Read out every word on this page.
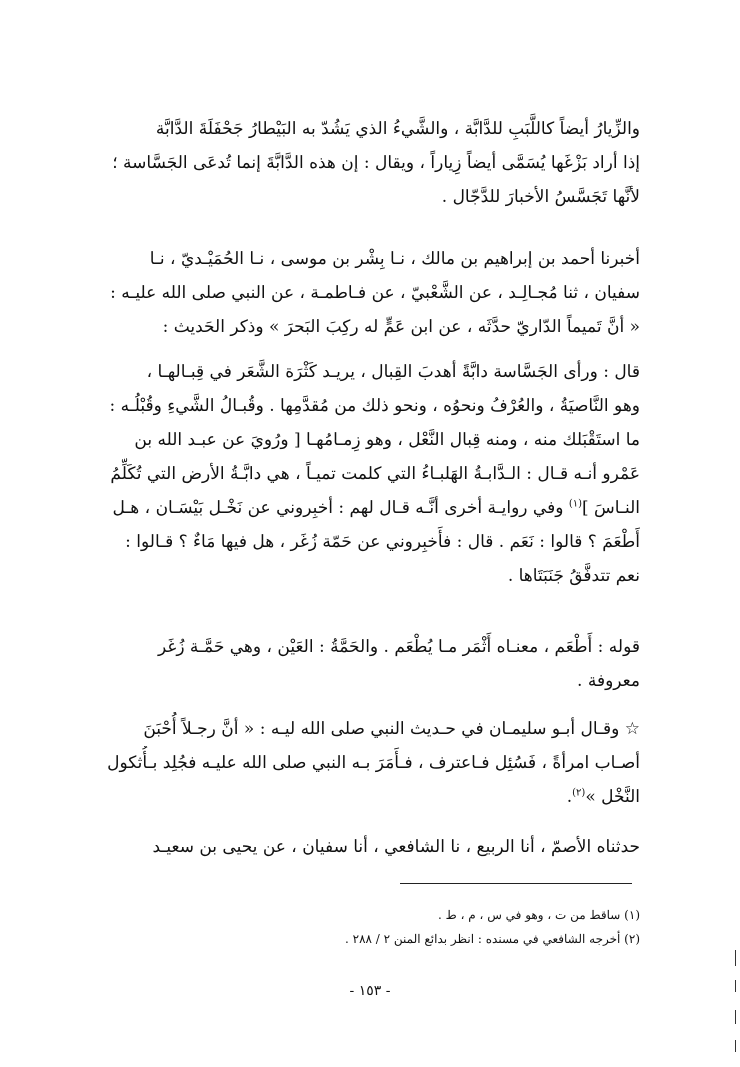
والزِّيارُ أيضاً كاللَّبَبِ للدَّابَّة ، والشَّيءُ الذي يَشُدّ به البَيْطارُ جَحْفَلَةَ الدَّابَّة
إذا أراد بَزْغَها يُسَمَّى أيضاً زِياراً ، ويقال : إن هذه الدَّابَّةَ إنما تُدعَى الجَسَّاسة ؛
لأنَّها تَجَسَّسُ الأخبارَ للدَّجّال .
أخبرنا أحمد بن إبراهيم بن مالك ، نـا بِشْر بن موسى ، نـا الحُمَيْـديّ ، نـا
سفيان ، ثنا مُجـالِـد ، عن الشَّعْبيّ ، عن فـاطمـة ، عن النبي صلى الله عليـه :
« أنَّ تَميماً الدّاريّ حدَّثَه ، عن ابن عَمٍّ له ركِبَ البَحرَ » وذكر الحَديث :
قال : ورأى الجَسَّاسة دابَّةً أهدبَ القِبال ، يريـد كَثْرَة الشَّعَر في قِبـالهـا ،
وهو النَّاصيَةُ ، والعُرْفُ ونحوُه ، ونحو ذلك من مُقدَّمِها . وقُبـالُ الشَّيءِ وقُبْلُـه :
ما استَقْبَلك منه ، ومنه قِبال النَّعْل ، وهو زِمـامُهـا [ ورُويَ عن عبـد الله بن
عَمْرو أنـه قـال : الـدَّابـةُ الهَلبـاءُ التي كلمت تميـاً ، هي دابَّـةُ الأرض التي تُكَلِّمُ
النـاسَ ]$^{(١)}$ وفي روايـة أخرى أنَّـه قـال لهم : أخبِروني عن نَخْـل بَيْسَـان ، هـل
أَطْعَمَ ؟ قالوا : نَعَم . قال : فأَخبِروني عن حَمّة زُغَر ، هل فيها مَاءٌ ؟ قـالوا :
نعم تتدفَّقُ جَنَبَتَاها .
قوله : أَطْعَم ، معنـاه أَثْمَر مـا يُطْعَم . والحَمَّةُ : العَيْن ، وهي حَمَّـة زُغَر
معروفة .
☆ وقـال أبـو سليمـان في حـديث النبي صلى الله ليـه : « أنَّ رجـلاً أُحْبَنَ
أصـاب امرأةً ، فَسُئِل فـاعترف ، فـأَمَرَ بـه النبي صلى الله عليـه فجُلِد بـأُثكول
النَّخْل »$^{(٢)}$.
حدثناه الأصمّ ، أنا الربيع ، نا الشافعي ، أنا سفيان ، عن يحيى بن سعيـد
(١) ساقط من ت ، وهو في س ، م ، ط .
(٢) أخرجه الشافعي في مسنده : انظر بدائع المنن ٢ / ٢٨٨ .
- ١٥٣ -
